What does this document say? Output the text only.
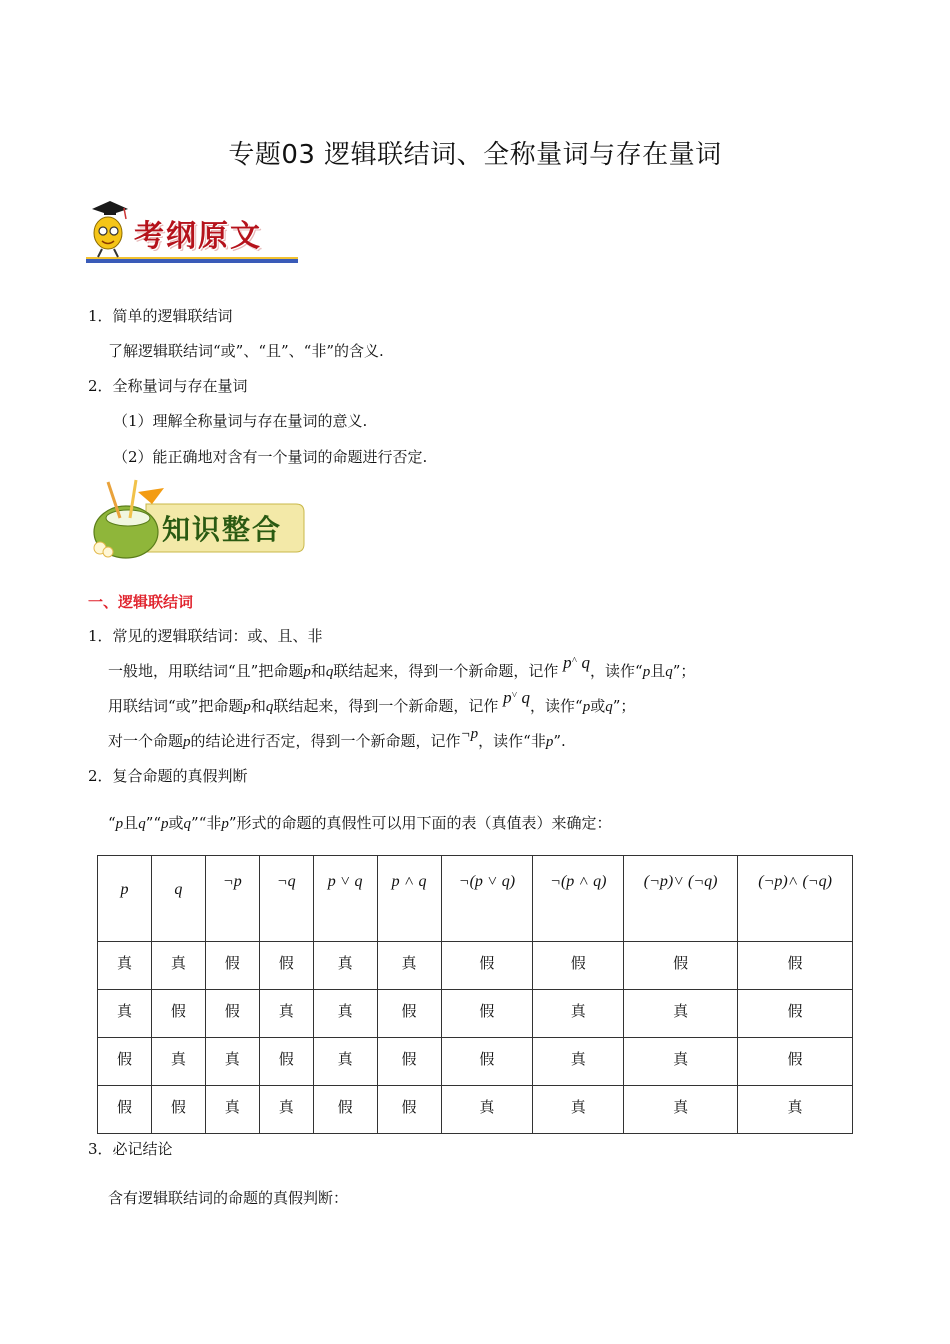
专题03 逻辑联结词、全称量词与存在量词
考纲原文
1．简单的逻辑联结词
了解逻辑联结词“或”、“且”、“非”的含义.
2．全称量词与存在量词
（1）理解全称量词与存在量词的意义.
（2）能正确地对含有一个量词的命题进行否定.
知识整合
一、逻辑联结词
1．常见的逻辑联结词：或、且、非
一般地，用联结词“且”把命题p和q联结起来，得到一个新命题，记作 p˄ q，读作“p且q”；
用联结词“或”把命题p和q联结起来，得到一个新命题，记作 p˅ q，读作“p或q”；
对一个命题p的结论进行否定，得到一个新命题，记作¬p，读作“非p”.
2．复合命题的真假判断
“p且q”“p或q”“非p”形式的命题的真假性可以用下面的表（真值表）来确定：
p	q	¬p	¬q	p ˅ q	p ˄ q	¬(p ˅ q)	¬(p ˄ q)	(¬p)˅ (¬q)	(¬p)˄ (¬q)
真	真	假	假	真	真	假	假	假	假
真	假	假	真	真	假	假	真	真	假
假	真	真	假	真	假	假	真	真	假
假	假	真	真	假	假	真	真	真	真
3．必记结论
含有逻辑联结词的命题的真假判断：
